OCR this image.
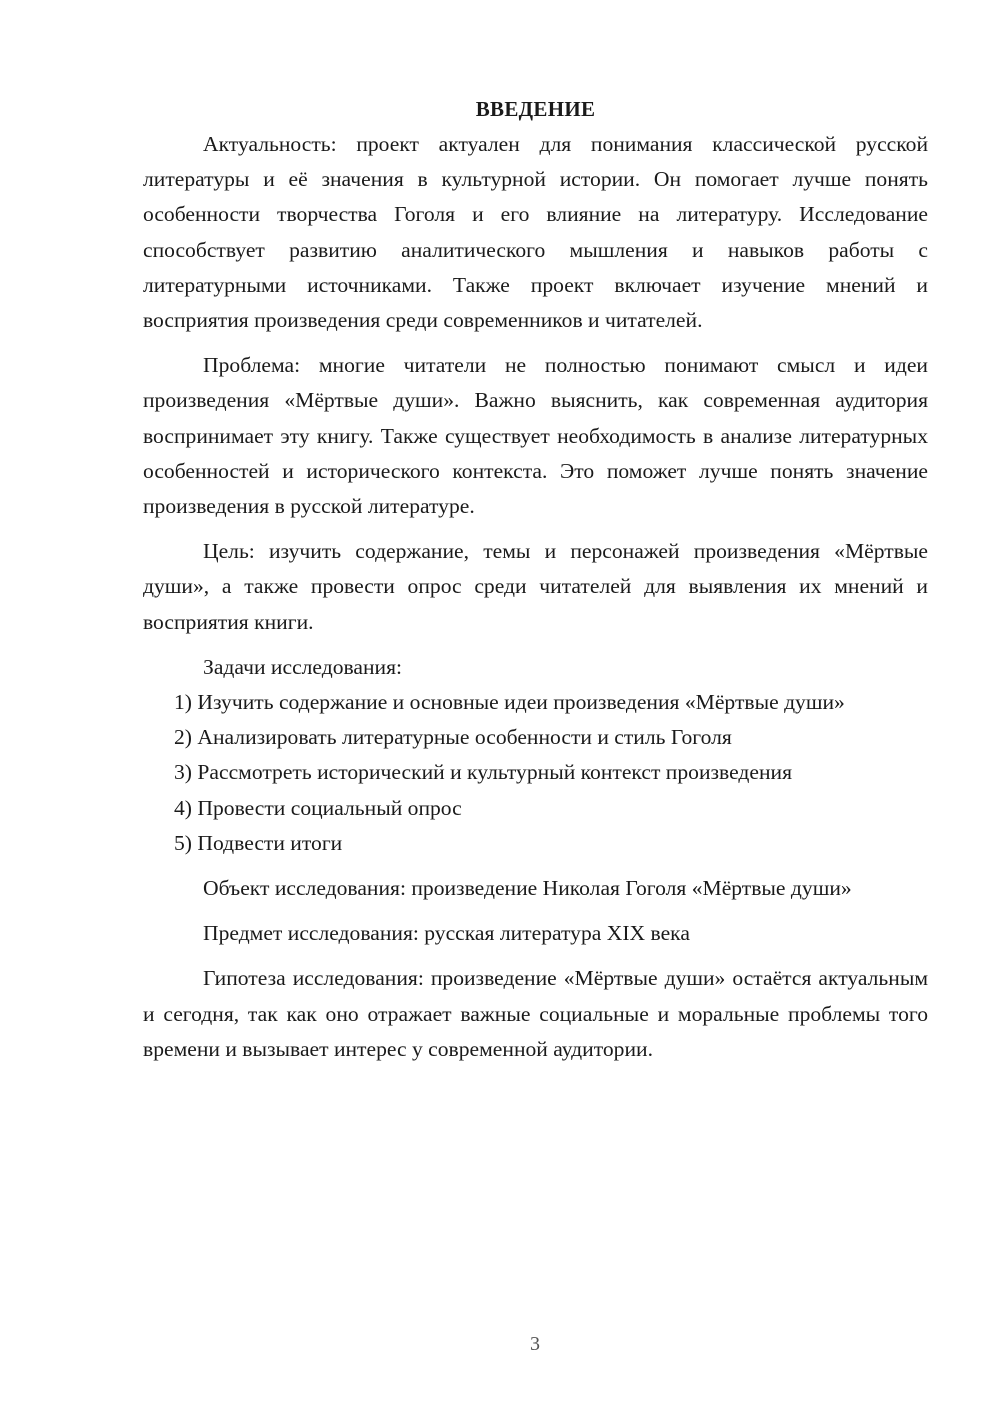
ВВЕДЕНИЕ

Актуальность: проект актуален для понимания классической русской литературы и её значения в культурной истории. Он помогает лучше понять особенности творчества Гоголя и его влияние на литературу. Исследование способствует развитию аналитического мышления и навыков работы с литературными источниками. Также проект включает изучение мнений и восприятия произведения среди современников и читателей.

Проблема: многие читатели не полностью понимают смысл и идеи произведения «Мёртвые души». Важно выяснить, как современная аудитория воспринимает эту книгу. Также существует необходимость в анализе литературных особенностей и исторического контекста. Это поможет лучше понять значение произведения в русской литературе.

Цель: изучить содержание, темы и персонажей произведения «Мёртвые души», а также провести опрос среди читателей для выявления их мнений и восприятия книги.

Задачи исследования:

1) Изучить содержание и основные идеи произведения «Мёртвые души»

2) Анализировать литературные особенности и стиль Гоголя

3) Рассмотреть исторический и культурный контекст произведения

4) Провести социальный опрос

5) Подвести итоги

Объект исследования: произведение Николая Гоголя «Мёртвые души»

Предмет исследования: русская литература XIX века

Гипотеза исследования: произведение «Мёртвые души» остаётся актуальным и сегодня, так как оно отражает важные социальные и моральные проблемы того времени и вызывает интерес у современной аудитории.

3
